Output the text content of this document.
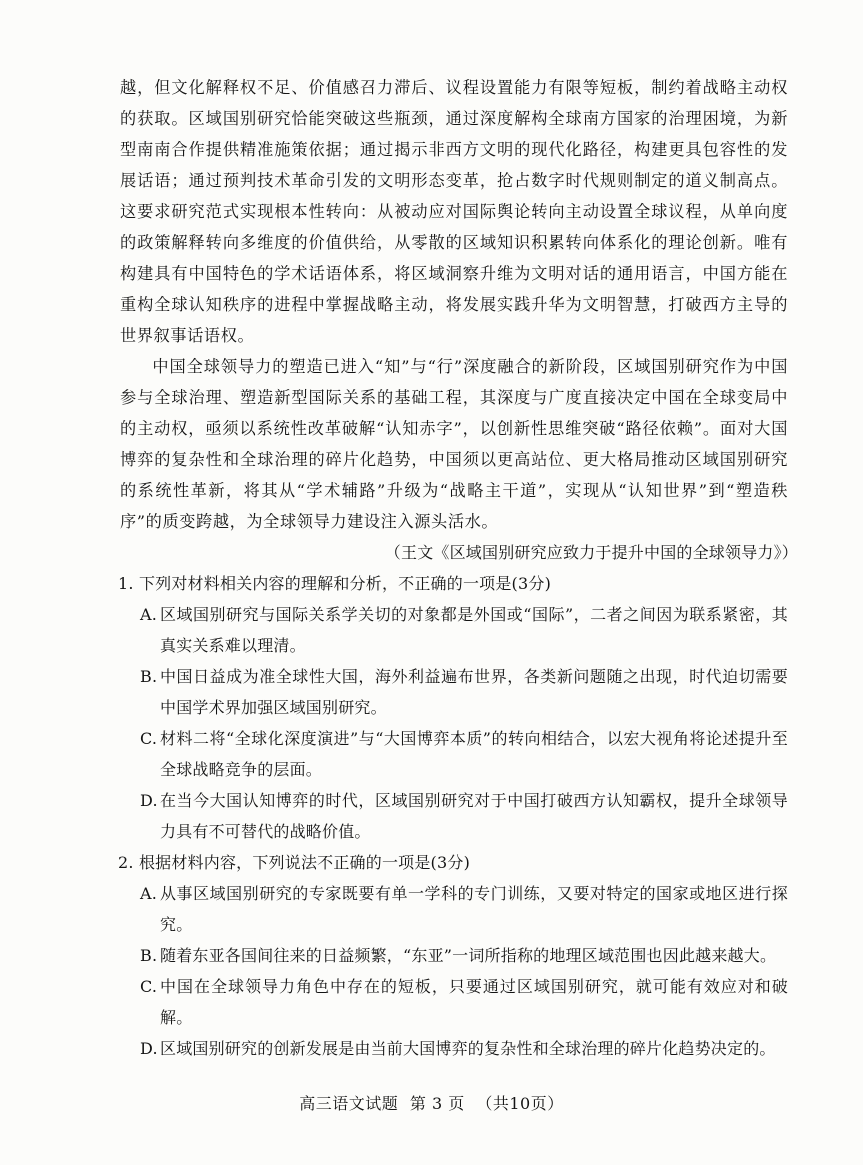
越，但文化解释权不足、价值感召力滞后、议程设置能力有限等短板，制约着战略主动权的获取。区域国别研究恰能突破这些瓶颈，通过深度解构全球南方国家的治理困境，为新型南南合作提供精准施策依据；通过揭示非西方文明的现代化路径，构建更具包容性的发展话语；通过预判技术革命引发的文明形态变革，抢占数字时代规则制定的道义制高点。这要求研究范式实现根本性转向：从被动应对国际舆论转向主动设置全球议程，从单向度的政策解释转向多维度的价值供给，从零散的区域知识积累转向体系化的理论创新。唯有构建具有中国特色的学术话语体系，将区域洞察升维为文明对话的通用语言，中国方能在重构全球认知秩序的进程中掌握战略主动，将发展实践升华为文明智慧，打破西方主导的世界叙事话语权。

中国全球领导力的塑造已进入“知”与“行”深度融合的新阶段，区域国别研究作为中国参与全球治理、塑造新型国际关系的基础工程，其深度与广度直接决定中国在全球变局中的主动权，亟须以系统性改革破解“认知赤字”，以创新性思维突破“路径依赖”。面对大国博弈的复杂性和全球治理的碎片化趋势，中国须以更高站位、更大格局推动区域国别研究的系统性革新，将其从“学术辅路”升级为“战略主干道”，实现从“认知世界”到“塑造秩序”的质变跨越，为全球领导力建设注入源头活水。

（王文《区域国别研究应致力于提升中国的全球领导力》）

1. 下列对材料相关内容的理解和分析，不正确的一项是(3分)
A. 区域国别研究与国际关系学关切的对象都是外国或“国际”，二者之间因为联系紧密，其真实关系难以理清。
B. 中国日益成为准全球性大国，海外利益遍布世界，各类新问题随之出现，时代迫切需要中国学术界加强区域国别研究。
C. 材料二将“全球化深度演进”与“大国博弈本质”的转向相结合，以宏大视角将论述提升至全球战略竞争的层面。
D. 在当今大国认知博弈的时代，区域国别研究对于中国打破西方认知霸权，提升全球领导力具有不可替代的战略价值。
2. 根据材料内容，下列说法不正确的一项是(3分)
A. 从事区域国别研究的专家既要有单一学科的专门训练，又要对特定的国家或地区进行探究。
B. 随着东亚各国间往来的日益频繁，“东亚”一词所指称的地理区域范围也因此越来越大。
C. 中国在全球领导力角色中存在的短板，只要通过区域国别研究，就可能有效应对和破解。
D. 区域国别研究的创新发展是由当前大国博弈的复杂性和全球治理的碎片化趋势决定的。
高三语文试题 第 3 页 （共10页）
